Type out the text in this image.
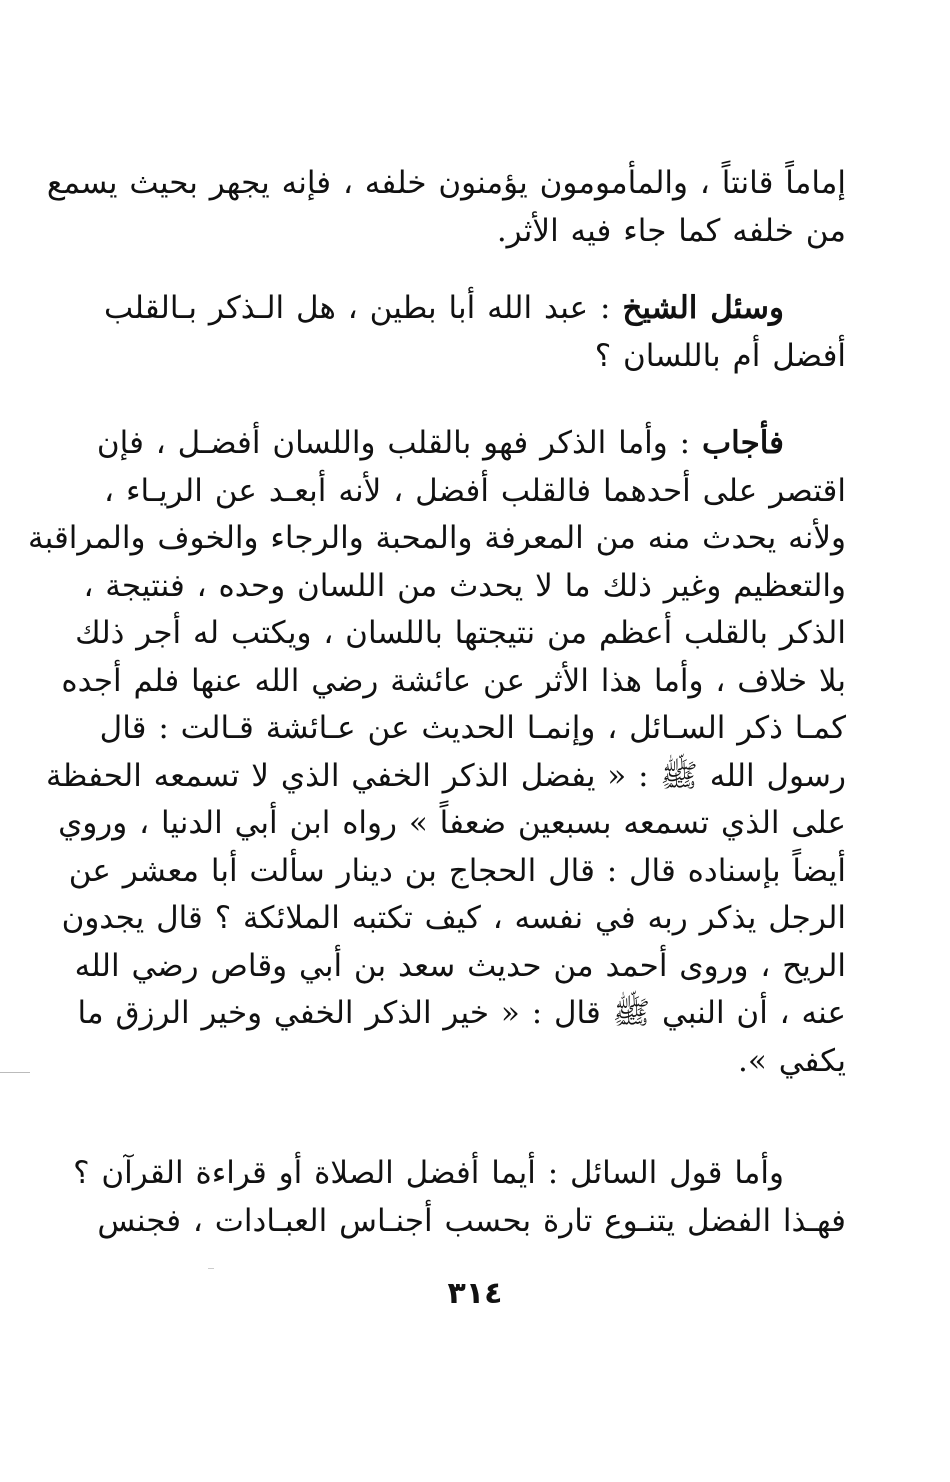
إماماً قانتاً ، والمأمومون يؤمنون خلفه ، فإنه يجهر بحيث يسمع
من خلفه كما جاء فيه الأثر.
وسئل الشيخ : عبد الله أبا بطين ، هل الـذكر بـالقلب
أفضل أم باللسان ؟
فأجاب : وأما الذكر فهو بالقلب واللسان أفضـل ، فإن
اقتصر على أحدهما فالقلب أفضل ، لأنه أبعـد عن الريـاء ،
ولأنه يحدث منه من المعرفة والمحبة والرجاء والخوف والمراقبة
والتعظيم وغير ذلك ما لا يحدث من اللسان وحده ، فنتيجة ،
الذكر بالقلب أعظم من نتيجتها باللسان ، ويكتب له أجر ذلك
بلا خلاف ، وأما هذا الأثر عن عائشة رضي الله عنها فلم أجده
كمـا ذكر السـائل ، وإنمـا الحديث عن عـائشة قـالت : قال
رسول الله ﷺ : « يفضل الذكر الخفي الذي لا تسمعه الحفظة
على الذي تسمعه بسبعين ضعفاً » رواه ابن أبي الدنيا ، وروي
أيضاً بإسناده قال : قال الحجاج بن دينار سألت أبا معشر عن
الرجل يذكر ربه في نفسه ، كيف تكتبه الملائكة ؟ قال يجدون
الريح ، وروى أحمد من حديث سعد بن أبي وقاص رضي الله
عنه ، أن النبي ﷺ قال : « خير الذكر الخفي وخير الرزق ما
يكفي ».
وأما قول السائل : أيما أفضل الصلاة أو قراءة القرآن ؟
فهـذا الفضل يتنـوع تارة بحسب أجنـاس العبـادات ، فجنس
٣١٤
